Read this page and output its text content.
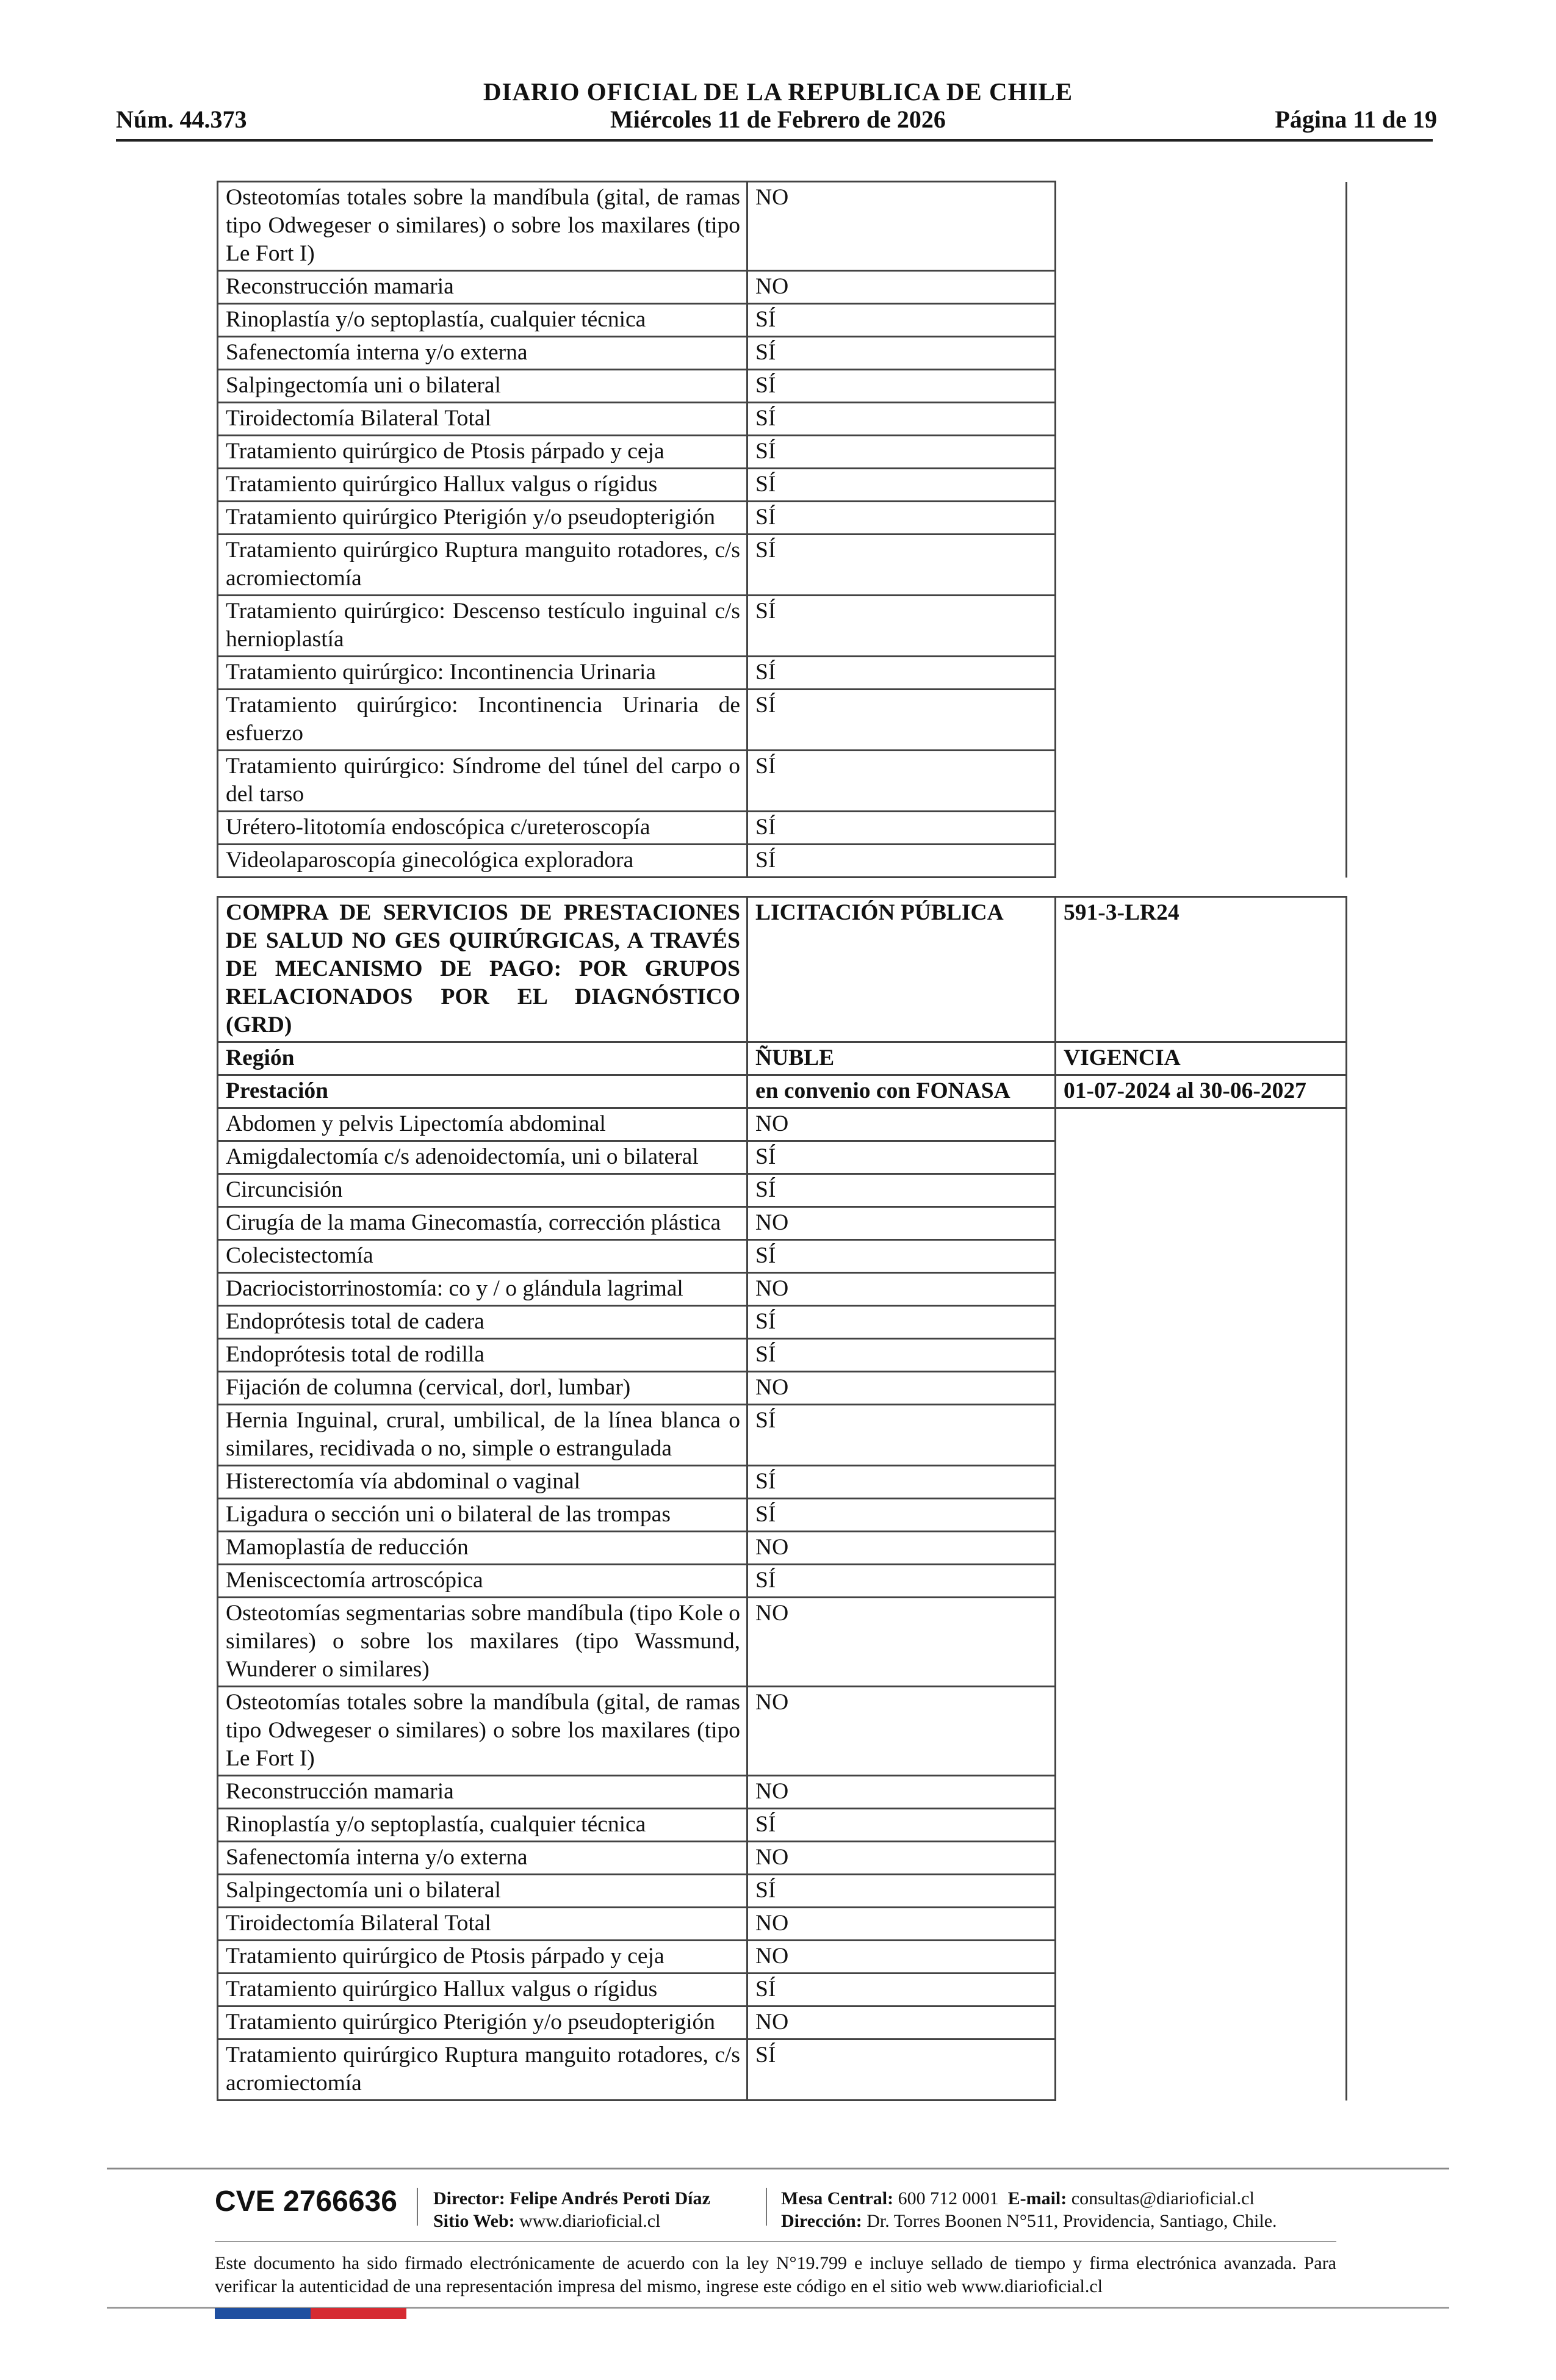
DIARIO OFICIAL DE LA REPUBLICA DE CHILE
Núm. 44.373	Miércoles 11 de Febrero de 2026	Página 11 de 19
Osteotomías totales sobre la mandíbula (gital, de ramas tipo Odwegeser o similares) o sobre los maxilares (tipo Le Fort I)	NO	
Reconstrucción mamaria	NO	
Rinoplastía y/o septoplastía, cualquier técnica	SÍ	
Safenectomía interna y/o externa	SÍ	
Salpingectomía uni o bilateral	SÍ	
Tiroidectomía Bilateral Total	SÍ	
Tratamiento quirúrgico de Ptosis párpado y ceja	SÍ	
Tratamiento quirúrgico Hallux valgus o rígidus	SÍ	
Tratamiento quirúrgico Pterigión y/o pseudopterigión	SÍ	
Tratamiento quirúrgico Ruptura manguito rotadores, c/s acromiectomía	SÍ	
Tratamiento quirúrgico: Descenso testículo inguinal c/s hernioplastía	SÍ	
Tratamiento quirúrgico: Incontinencia Urinaria	SÍ	
Tratamiento quirúrgico: Incontinencia Urinaria de esfuerzo	SÍ	
Tratamiento quirúrgico: Síndrome del túnel del carpo o del tarso	SÍ	
Urétero-litotomía endoscópica c/ureteroscopía	SÍ	
Videolaparoscopía ginecológica exploradora	SÍ	
COMPRA DE SERVICIOS DE PRESTACIONES DE SALUD NO GES QUIRÚRGICAS, A TRAVÉS DE MECANISMO DE PAGO: POR GRUPOS RELACIONADOS POR EL DIAGNÓSTICO (GRD)	LICITACIÓN PÚBLICA	591-3-LR24
Región	ÑUBLE	VIGENCIA
Prestación	en convenio con FONASA	01-07-2024 al 30-06-2027
Abdomen y pelvis Lipectomía abdominal	NO	
Amigdalectomía c/s adenoidectomía, uni o bilateral	SÍ	
Circuncisión	SÍ	
Cirugía de la mama Ginecomastía, corrección plástica	NO	
Colecistectomía	SÍ	
Dacriocistorrinostomía: co y / o glándula lagrimal	NO	
Endoprótesis total de cadera	SÍ	
Endoprótesis total de rodilla	SÍ	
Fijación de columna (cervical, dorl, lumbar)	NO	
Hernia Inguinal, crural, umbilical, de la línea blanca o similares, recidivada o no, simple o estrangulada	SÍ	
Histerectomía vía abdominal o vaginal	SÍ	
Ligadura o sección uni o bilateral de las trompas	SÍ	
Mamoplastía de reducción	NO	
Meniscectomía artroscópica	SÍ	
Osteotomías segmentarias sobre mandíbula (tipo Kole o similares) o sobre los maxilares (tipo Wassmund, Wunderer o similares)	NO	
Osteotomías totales sobre la mandíbula (gital, de ramas tipo Odwegeser o similares) o sobre los maxilares (tipo Le Fort I)	NO	
Reconstrucción mamaria	NO	
Rinoplastía y/o septoplastía, cualquier técnica	SÍ	
Safenectomía interna y/o externa	NO	
Salpingectomía uni o bilateral	SÍ	
Tiroidectomía Bilateral Total	NO	
Tratamiento quirúrgico de Ptosis párpado y ceja	NO	
Tratamiento quirúrgico Hallux valgus o rígidus	SÍ	
Tratamiento quirúrgico Pterigión y/o pseudopterigión	NO	
Tratamiento quirúrgico Ruptura manguito rotadores, c/s acromiectomía	SÍ	
CVE 2766636 Director: Felipe Andrés Peroti Díaz
Sitio Web: www.diarioficial.cl
Mesa Central: 600 712 0001 E-mail: consultas@diarioficial.cl
Dirección: Dr. Torres Boonen N°511, Providencia, Santiago, Chile.
Este documento ha sido firmado electrónicamente de acuerdo con la ley N°19.799 e incluye sellado de tiempo y firma electrónica avanzada. Para verificar la autenticidad de una representación impresa del mismo, ingrese este código en el sitio web www.diarioficial.cl
